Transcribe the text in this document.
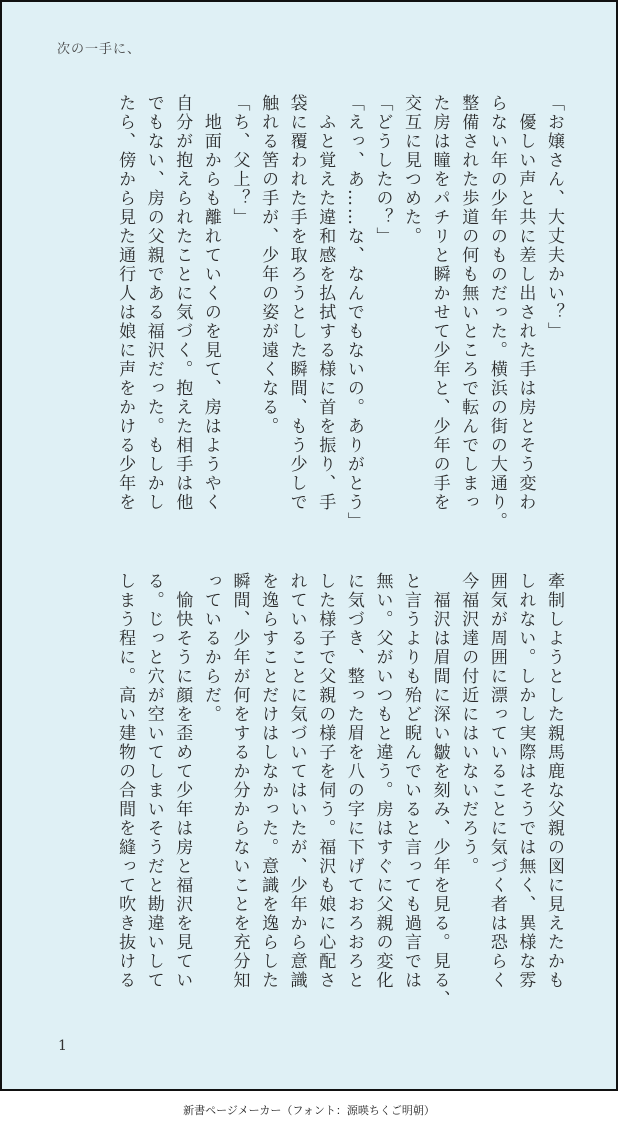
次の一手に、
「お嬢さん、大丈夫かい？」
　優しい声と共に差し出された手は房とそう変わ
らない年の少年のものだった。横浜の街の大通り。
整備された歩道の何も無いところで転んでしまっ
た房は瞳をパチリと瞬かせて少年と、少年の手を
交互に見つめた。
「どうしたの？」
「えっ、あ……な、なんでもないの。ありがとう」
　ふと覚えた違和感を払拭する様に首を振り、手
袋に覆われた手を取ろうとした瞬間、もう少しで
触れる筈の手が、少年の姿が遠くなる。
「ち、父上？」
　地面からも離れていくのを見て、房はようやく
自分が抱えられたことに気づく。抱えた相手は他
でもない、房の父親である福沢だった。もしかし
たら、傍から見た通行人は娘に声をかける少年を
牽制しようとした親馬鹿な父親の図に見えたかも
しれない。しかし実際はそうでは無く、異様な雰
囲気が周囲に漂っていることに気づく者は恐らく
今福沢達の付近にはいないだろう。
　福沢は眉間に深い皺を刻み、少年を見る。見る、
と言うよりも殆ど睨んでいると言っても過言では
無い。父がいつもと違う。房はすぐに父親の変化
に気づき、整った眉を八の字に下げておろおろと
した様子で父親の様子を伺う。福沢も娘に心配さ
れていることに気づいてはいたが、少年から意識
を逸らすことだけはしなかった。意識を逸らした
瞬間、少年が何をするか分からないことを充分知
っているからだ。
　愉快そうに顔を歪めて少年は房と福沢を見てい
る。じっと穴が空いてしまいそうだと勘違いして
しまう程に。高い建物の合間を縫って吹き抜ける
1
新書ページメーカー（フォント：源暎ちくご明朝）
